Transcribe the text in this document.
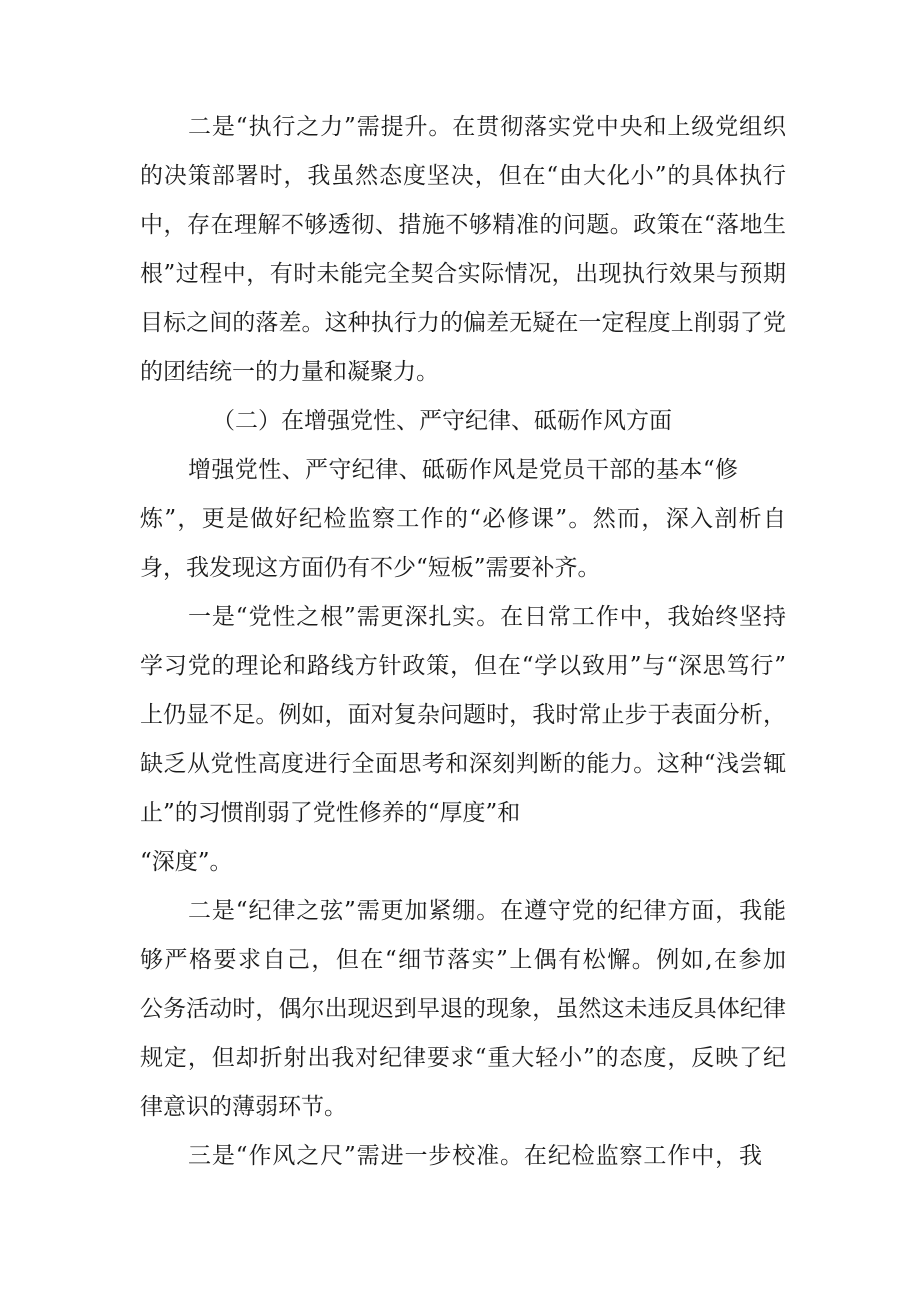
二是“执行之力”需提升。在贯彻落实党中央和上级党组织
的决策部署时，我虽然态度坚决，但在“由大化小”的具体执行
中，存在理解不够透彻、措施不够精准的问题。政策在“落地生
根”过程中，有时未能完全契合实际情况，出现执行效果与预期
目标之间的落差。这种执行力的偏差无疑在一定程度上削弱了党
的团结统一的力量和凝聚力。
（二）在增强党性、严守纪律、砥砺作风方面
增强党性、严守纪律、砥砺作风是党员干部的基本“修
炼”，更是做好纪检监察工作的“必修课”。然而，深入剖析自
身，我发现这方面仍有不少“短板”需要补齐。
一是“党性之根”需更深扎实。在日常工作中，我始终坚持
学习党的理论和路线方针政策，但在“学以致用”与“深思笃行”
上仍显不足。例如，面对复杂问题时，我时常止步于表面分析，
缺乏从党性高度进行全面思考和深刻判断的能力。这种“浅尝辄
止”的习惯削弱了党性修养的“厚度”和
“深度”。
二是“纪律之弦”需更加紧绷。在遵守党的纪律方面，我能
够严格要求自己，但在“细节落实”上偶有松懈。例如,在参加
公务活动时，偶尔出现迟到早退的现象，虽然这未违反具体纪律
规定，但却折射出我对纪律要求“重大轻小”的态度，反映了纪
律意识的薄弱环节。
三是“作风之尺”需进一步校准。在纪检监察工作中，我
